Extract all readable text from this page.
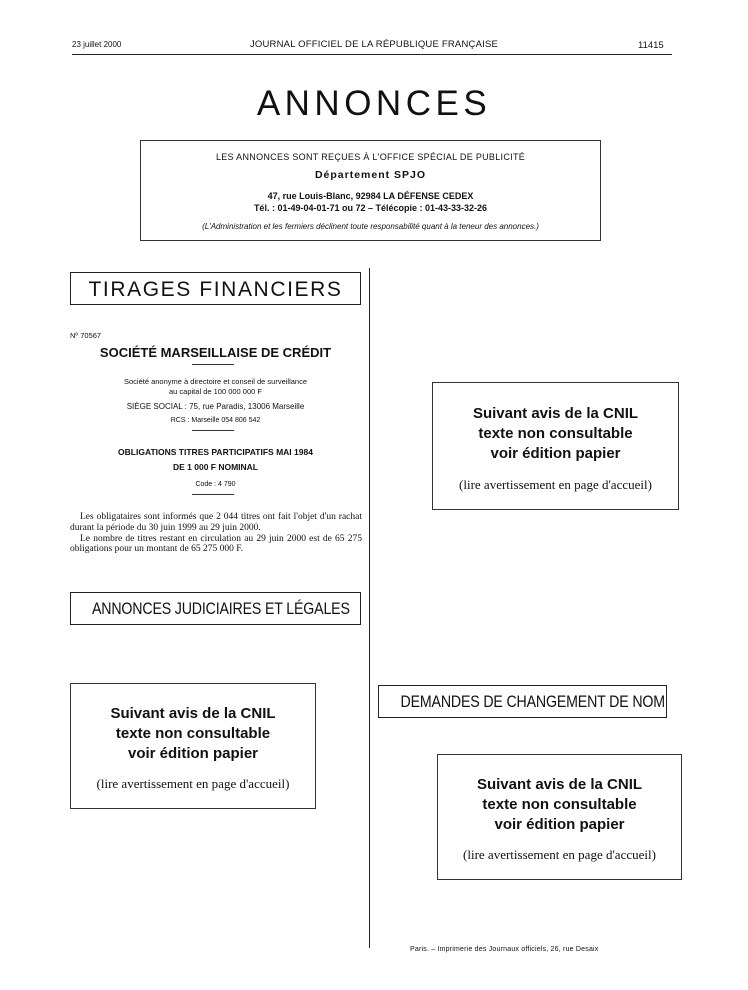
23 juillet 2000	JOURNAL OFFICIEL DE LA RÉPUBLIQUE FRANÇAISE	11415
ANNONCES
LES ANNONCES SONT REÇUES À L'OFFICE SPÉCIAL DE PUBLICITÉ
Département SPJO
47, rue Louis-Blanc, 92984 LA DÉFENSE CEDEX
Tél. : 01-49-04-01-71 ou 72 – Télécopie : 01-43-33-32-26
(L'Administration et les fermiers déclinent toute responsabilité quant à la teneur des annonces.)
TIRAGES FINANCIERS
Nº 70567
SOCIÉTÉ MARSEILLAISE DE CRÉDIT
Société anonyme à directoire et conseil de surveillance
au capital de 100 000 000 F
SIÈGE SOCIAL : 75, rue Paradis, 13006 Marseille
RCS : Marseille 054 806 542
OBLIGATIONS TITRES PARTICIPATIFS MAI 1984
DE 1 000 F NOMINAL
Code : 4 790

Les obligataires sont informés que 2 044 titres ont fait l'objet d'un rachat durant la période du 30 juin 1999 au 29 juin 2000.

Le nombre de titres restant en circulation au 29 juin 2000 est de 65 275 obligations pour un montant de 65 275 000 F.

ANNONCES JUDICIAIRES ET LÉGALES
Suivant avis de la CNIL
texte non consultable
voir édition papier
(lire avertissement en page d'accueil)
Suivant avis de la CNIL
texte non consultable
voir édition papier
(lire avertissement en page d'accueil)
DEMANDES DE CHANGEMENT DE NOM
Suivant avis de la CNIL
texte non consultable
voir édition papier
(lire avertissement en page d'accueil)
Paris. – Imprimerie des Journaux officiels, 26, rue Desaix
